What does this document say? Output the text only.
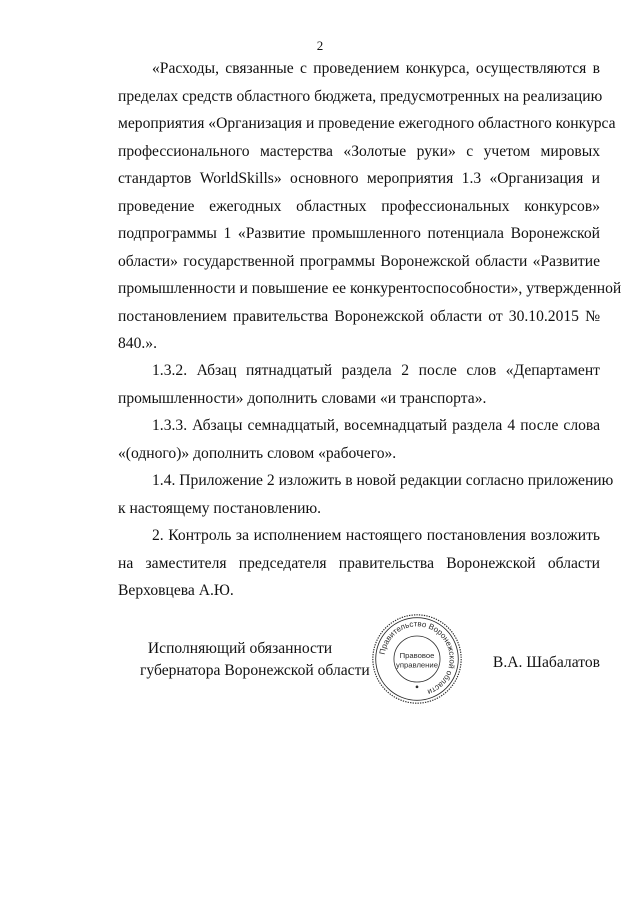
2
«Расходы, связанные с проведением конкурса, осуществляются в
пределах средств областного бюджета, предусмотренных на реализацию
мероприятия «Организация и проведение ежегодного областного конкурса
профессионального мастерства «Золотые руки» с учетом мировых
стандартов WorldSkills» основного мероприятия 1.3 «Организация и
проведение ежегодных областных профессиональных конкурсов»
подпрограммы 1 «Развитие промышленного потенциала Воронежской
области» государственной программы Воронежской области «Развитие
промышленности и повышение ее конкурентоспособности», утвержденной
постановлением правительства Воронежской области от 30.10.2015 №
840.».
1.3.2. Абзац пятнадцатый раздела 2 после слов «Департамент
промышленности» дополнить словами «и транспорта».
1.3.3. Абзацы семнадцатый, восемнадцатый раздела 4 после слова
«(одного)» дополнить словом «рабочего».
1.4. Приложение 2 изложить в новой редакции согласно приложению
к настоящему постановлению.
2. Контроль за исполнением настоящего постановления возложить
на заместителя председателя правительства Воронежской области
Верховцева А.Ю.
Исполняющий обязанности
губернатора Воронежской области	В.А. Шабалатов
Правительство Воронежской области
Правовое
управление
